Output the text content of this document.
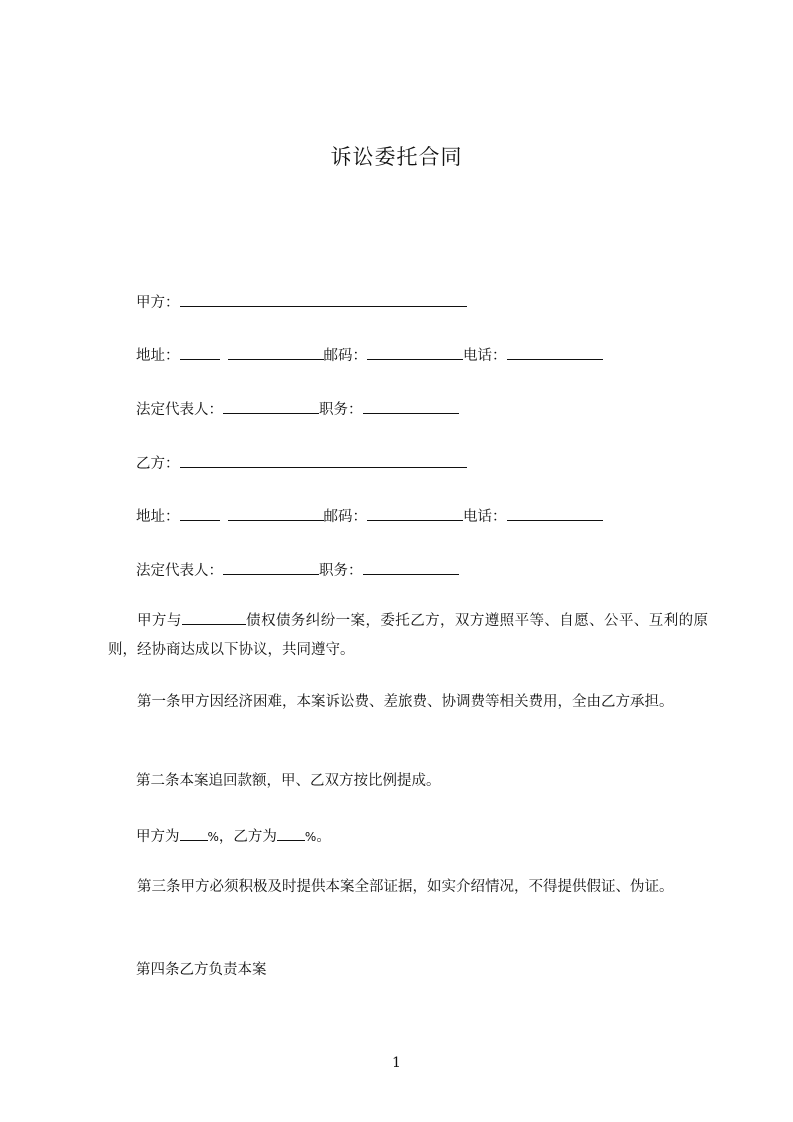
诉讼委托合同
甲方：
地址：	邮码：	电话：
法定代表人：	职务：
乙方：
地址：	邮码：	电话：
法定代表人：	职务：
甲方与	债权债务纠纷一案，委托乙方，双方遵照平等、自愿、公平、互利的原则，经协商达成以下协议，共同遵守。
第一条甲方因经济困难，本案诉讼费、差旅费、协调费等相关费用，全由乙方承担。
第二条本案追回款额，甲、乙双方按比例提成。
甲方为 %，乙方为 %。
第三条甲方必须积极及时提供本案全部证据，如实介绍情况，不得提供假证、伪证。
第四条乙方负责本案
1
